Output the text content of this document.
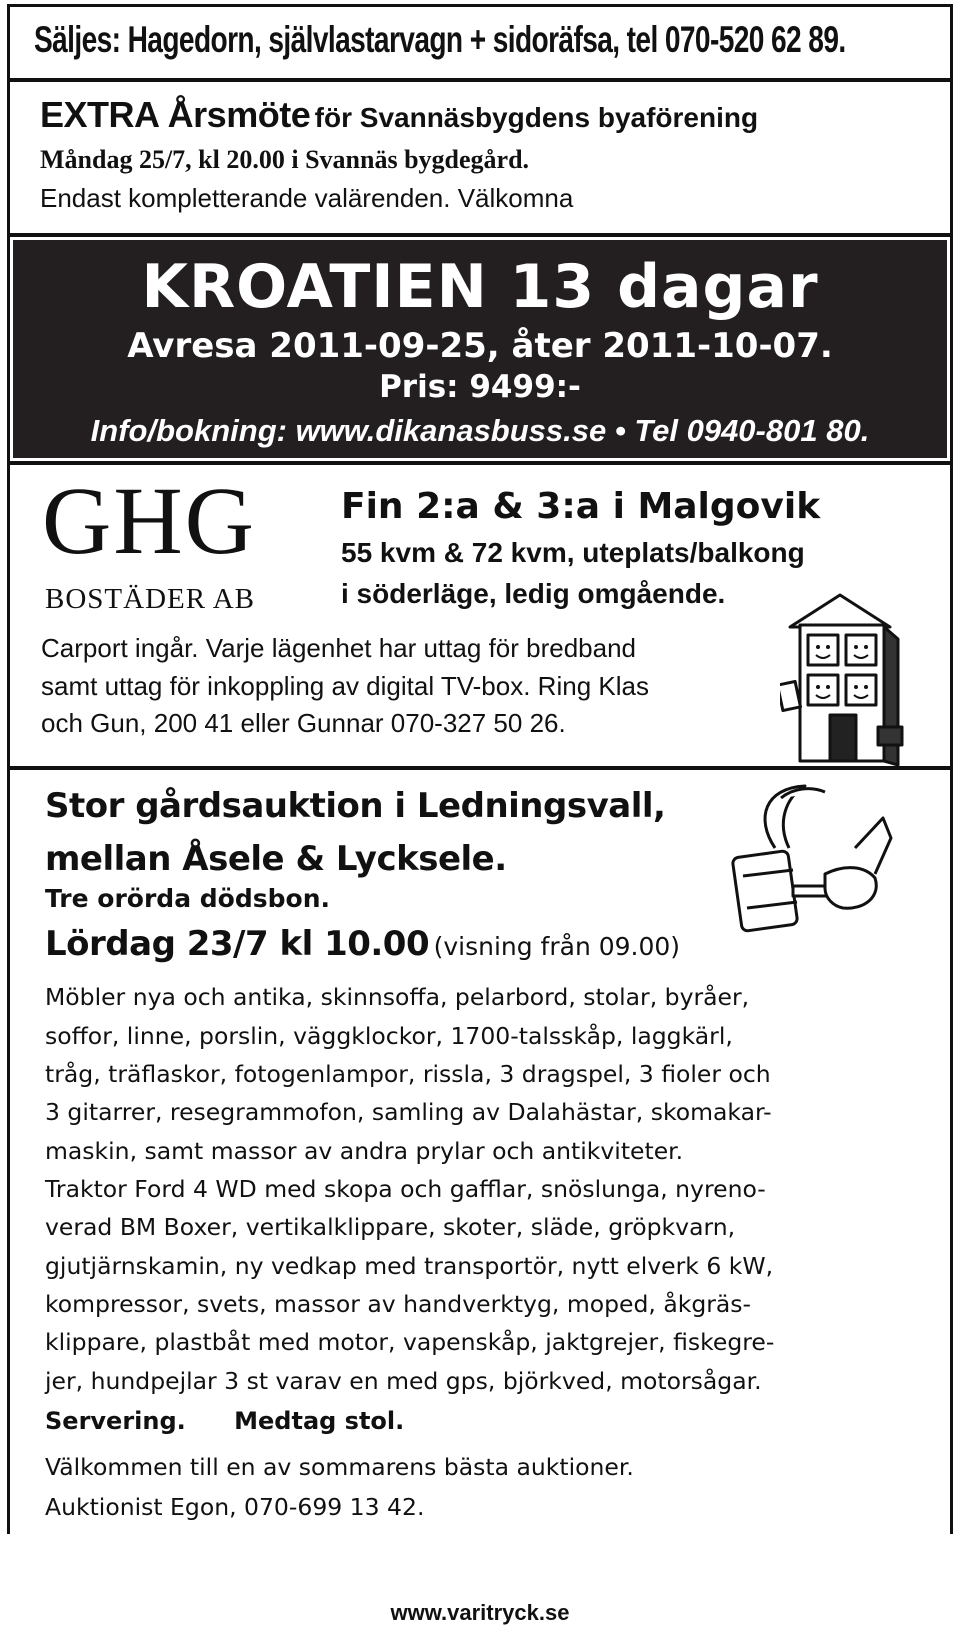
Säljes: Hagedorn, självlastarvagn + sidoräfsa, tel 070-520 62 89.
EXTRA Årsmöte för Svannäsbygdens byaförening
Måndag 25/7, kl 20.00 i Svannäs bygdegård.
Endast kompletterande valärenden. Välkomna
KROATIEN 13 dagar
Avresa 2011-09-25, åter 2011-10-07.
Pris: 9499:-
Info/bokning: www.dikanasbuss.se • Tel 0940-801 80.
GHG
BOSTÄDER AB
Fin 2:a & 3:a i Malgovik
55 kvm & 72 kvm, uteplats/balkong
i söderläge, ledig omgående.
Carport ingår. Varje lägenhet har uttag för bredband
samt uttag för inkoppling av digital TV-box. Ring Klas
och Gun, 200 41 eller Gunnar 070-327 50 26.
Stor gårdsauktion i Ledningsvall,
mellan Åsele & Lycksele.
Tre orörda dödsbon.
Lördag 23/7 kl 10.00 (visning från 09.00)
Möbler nya och antika, skinnsoffa, pelarbord, stolar, byråer,
soffor, linne, porslin, väggklockor, 1700-talsskåp, laggkärl,
tråg, träflaskor, fotogenlampor, rissla, 3 dragspel, 3 fioler och
3 gitarrer, resegrammofon, samling av Dalahästar, skomakar-
maskin, samt massor av andra prylar och antikviteter.
Traktor Ford 4 WD med skopa och gafflar, snöslunga, nyreno-
verad BM Boxer, vertikalklippare, skoter, släde, gröpkvarn,
gjutjärnskamin, ny vedkap med transportör, nytt elverk 6 kW,
kompressor, svets, massor av handverktyg, moped, åkgräs-
klippare, plastbåt med motor, vapenskåp, jaktgrejer, fiskegre-
jer, hundpejlar 3 st varav en med gps, björkved, motorsågar.
Servering. Medtag stol.
Välkommen till en av sommarens bästa auktioner.
Auktionist Egon, 070-699 13 42.
www.varitryck.se
